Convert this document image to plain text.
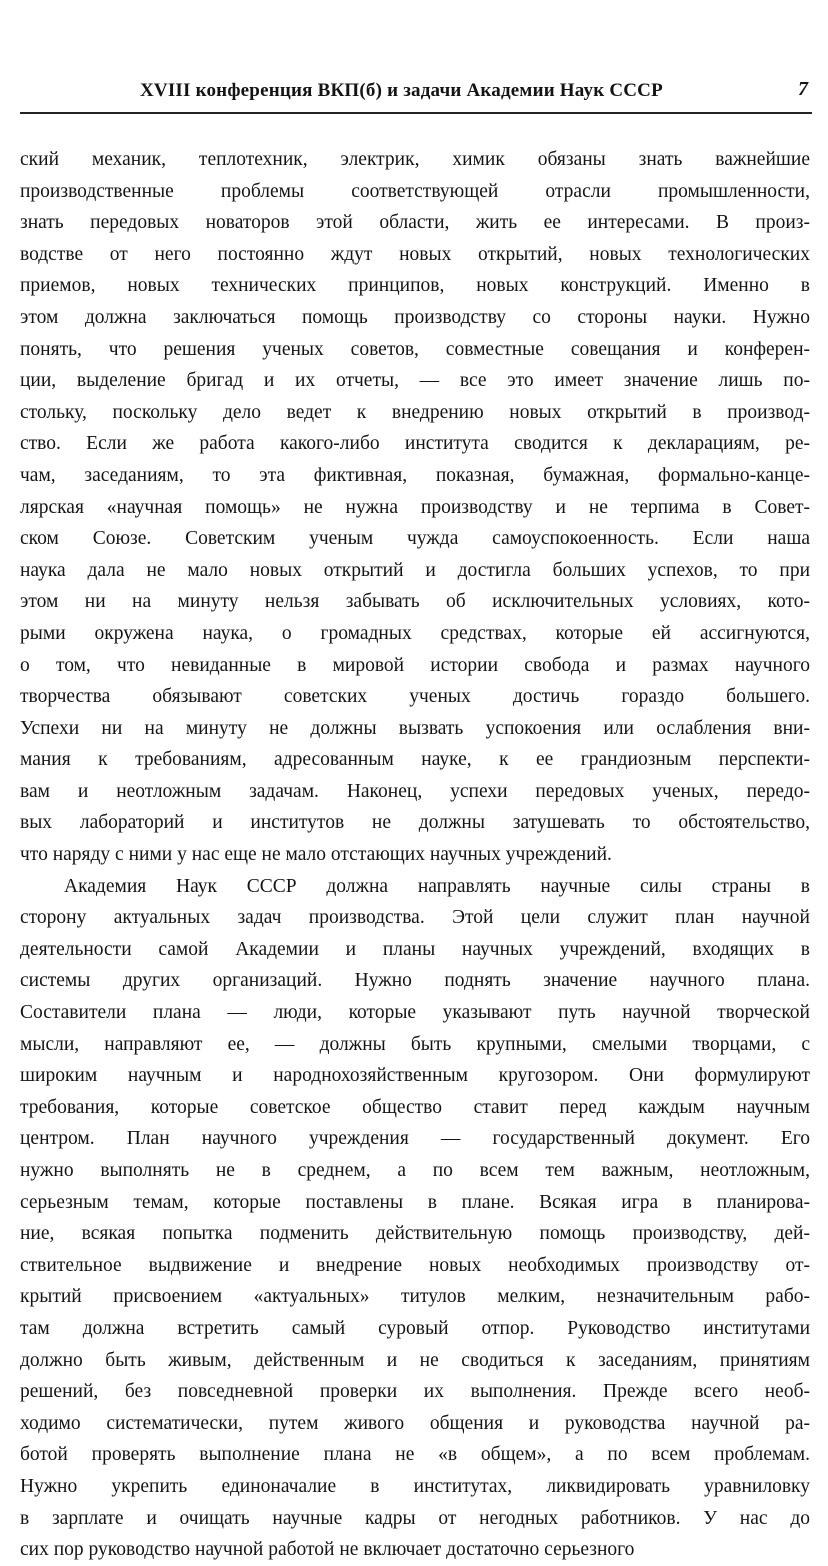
XVIII конференция ВКП(б) и задачи Академии Наук СССР	7
ский механик, теплотехник, электрик, химик обязаны знать важнейшие
производственные проблемы соответствующей отрасли промышленности,
знать передовых новаторов этой области, жить ее интересами. В произ-
водстве от него постоянно ждут новых открытий, новых технологических
приемов, новых технических принципов, новых конструкций. Именно в
этом должна заключаться помощь производству со стороны науки. Нужно
понять, что решения ученых советов, совместные совещания и конферен-
ции, выделение бригад и их отчеты, — все это имеет значение лишь по-
стольку, поскольку дело ведет к внедрению новых открытий в производ-
ство. Если же работа какого-либо института сводится к декларациям, ре-
чам, заседаниям, то эта фиктивная, показная, бумажная, формально-канце-
лярская «научная помощь» не нужна производству и не терпима в Совет-
ском Союзе. Советским ученым чужда самоуспокоенность. Если наша
наука дала не мало новых открытий и достигла больших успехов, то при
этом ни на минуту нельзя забывать об исключительных условиях, кото-
рыми окружена наука, о громадных средствах, которые ей ассигнуются,
о том, что невиданные в мировой истории свобода и размах научного
творчества обязывают советских ученых достичь гораздо большего.
Успехи ни на минуту не должны вызвать успокоения или ослабления вни-
мания к требованиям, адресованным науке, к ее грандиозным перспекти-
вам и неотложным задачам. Наконец, успехи передовых ученых, передо-
вых лабораторий и институтов не должны затушевать то обстоятельство,
что наряду с ними у нас еще не мало отстающих научных учреждений.
Академия Наук СССР должна направлять научные силы страны в
сторону актуальных задач производства. Этой цели служит план научной
деятельности самой Академии и планы научных учреждений, входящих в
системы других организаций. Нужно поднять значение научного плана.
Составители плана — люди, которые указывают путь научной творческой
мысли, направляют ее, — должны быть крупными, смелыми творцами, с
широким научным и народнохозяйственным кругозором. Они формулируют
требования, которые советское общество ставит перед каждым научным
центром. План научного учреждения — государственный документ. Его
нужно выполнять не в среднем, а по всем тем важным, неотложным,
серьезным темам, которые поставлены в плане. Всякая игра в планирова-
ние, всякая попытка подменить действительную помощь производству, дей-
ствительное выдвижение и внедрение новых необходимых производству от-
крытий присвоением «актуальных» титулов мелким, незначительным рабо-
там должна встретить самый суровый отпор. Руководство институтами
должно быть живым, действенным и не сводиться к заседаниям, принятиям
решений, без повседневной проверки их выполнения. Прежде всего необ-
ходимо систематически, путем живого общения и руководства научной ра-
ботой проверять выполнение плана не «в общем», а по всем проблемам.
Нужно укрепить единоначалие в институтах, ликвидировать уравниловку
в зарплате и очищать научные кадры от негодных работников. У нас до
сих пор руководство научной работой не включает достаточно серьезного
